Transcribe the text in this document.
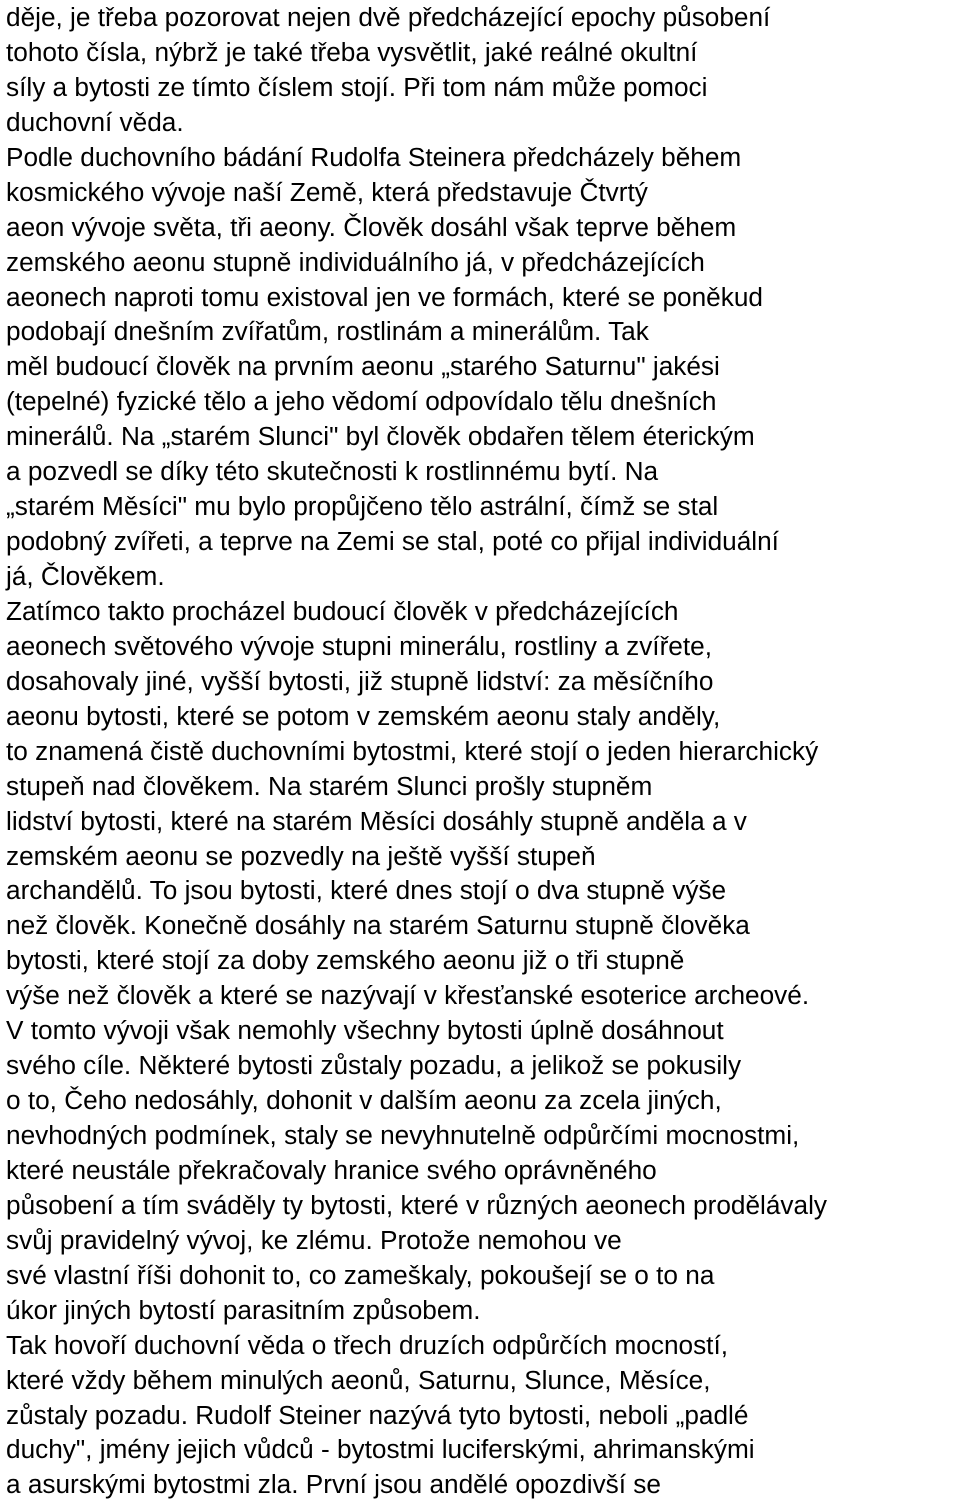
děje, je třeba pozorovat nejen dvě předcházející epochy působení
tohoto čísla, nýbrž je také třeba vysvětlit, jaké reálné okultní
síly a bytosti ze tímto číslem stojí. Při tom nám může pomoci
duchovní věda.
Podle duchovního bádání Rudolfa Steinera předcházely během
kosmického vývoje naší Země, která představuje Čtvrtý
aeon vývoje světa, tři aeony. Člověk dosáhl však teprve během
zemského aeonu stupně individuálního já, v předcházejících
aeonech naproti tomu existoval jen ve formách, které se poněkud
podobají dnešním zvířatům, rostlinám a minerálům. Tak
měl budoucí člověk na prvním aeonu „starého Saturnu" jakési
(tepelné) fyzické tělo a jeho vědomí odpovídalo tělu dnešních
minerálů. Na „starém Slunci" byl člověk obdařen tělem éterickým
a pozvedl se díky této skutečnosti k rostlinnému bytí. Na
„starém Měsíci" mu bylo propůjčeno tělo astrální, čímž se stal
podobný zvířeti, a teprve na Zemi se stal, poté co přijal individuální
já, Člověkem.
Zatímco takto procházel budoucí člověk v předcházejících
aeonech světového vývoje stupni minerálu, rostliny a zvířete,
dosahovaly jiné, vyšší bytosti, již stupně lidství: za měsíčního
aeonu bytosti, které se potom v zemském aeonu staly anděly,
to znamená čistě duchovními bytostmi, které stojí o jeden hierarchický
stupeň nad člověkem. Na starém Slunci prošly stupněm
lidství bytosti, které na starém Měsíci dosáhly stupně anděla a v
zemském aeonu se pozvedly na ještě vyšší stupeň
archandělů. To jsou bytosti, které dnes stojí o dva stupně výše
než člověk. Konečně dosáhly na starém Saturnu stupně člověka
bytosti, které stojí za doby zemského aeonu již o tři stupně
výše než člověk a které se nazývají v křesťanské esoterice archeové.
V tomto vývoji však nemohly všechny bytosti úplně dosáhnout
svého cíle. Některé bytosti zůstaly pozadu, a jelikož se pokusily
o to, Čeho nedosáhly, dohonit v dalším aeonu za zcela jiných,
nevhodných podmínek, staly se nevyhnutelně odpůrčími mocnostmi,
které neustále překračovaly hranice svého oprávněného
působení a tím sváděly ty bytosti, které v různých aeonech prodělávaly
svůj pravidelný vývoj, ke zlému. Protože nemohou ve
své vlastní říši dohonit to, co zameškaly, pokoušejí se o to na
úkor jiných bytostí parasitním způsobem.
Tak hovoří duchovní věda o třech druzích odpůrčích mocností,
které vždy během minulých aeonů, Saturnu, Slunce, Měsíce,
zůstaly pozadu. Rudolf Steiner nazývá tyto bytosti, neboli „padlé
duchy", jmény jejich vůdců - bytostmi luciferskými, ahrimanskými
a asurskými bytostmi zla. První jsou andělé opozdivší se
